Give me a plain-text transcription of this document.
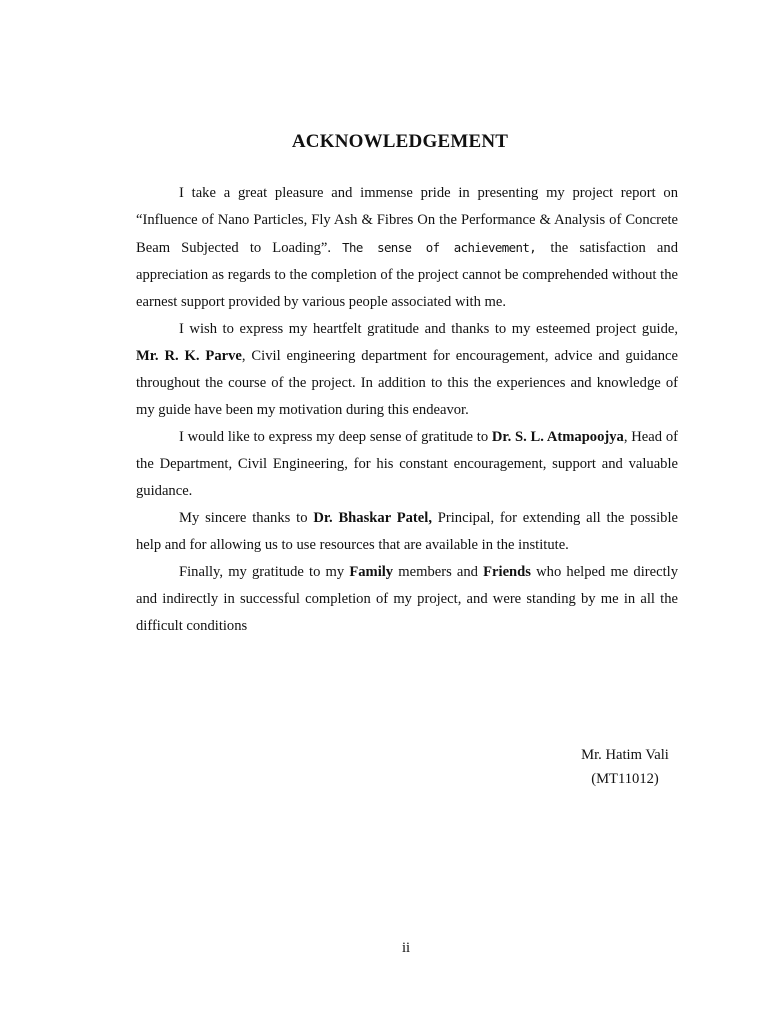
ACKNOWLEDGEMENT

I take a great pleasure and immense pride in presenting my project report on “Influence of Nano Particles, Fly Ash & Fibres On the Performance & Analysis of Concrete Beam Subjected to Loading”. The sense of achievement, the satisfaction and appreciation as regards to the completion of the project cannot be comprehended without the earnest support provided by various people associated with me.

I wish to express my heartfelt gratitude and thanks to my esteemed project guide, Mr. R. K. Parve, Civil engineering department for encouragement, advice and guidance throughout the course of the project. In addition to this the experiences and knowledge of my guide have been my motivation during this endeavor.

I would like to express my deep sense of gratitude to Dr. S. L. Atmapoojya, Head of the Department, Civil Engineering, for his constant encouragement, support and valuable guidance.

My sincere thanks to Dr. Bhaskar Patel, Principal, for extending all the possible help and for allowing us to use resources that are available in the institute.

Finally, my gratitude to my Family members and Friends who helped me directly and indirectly in successful completion of my project, and were standing by me in all the difficult conditions

Mr. Hatim Vali
(MT11012)
ii
